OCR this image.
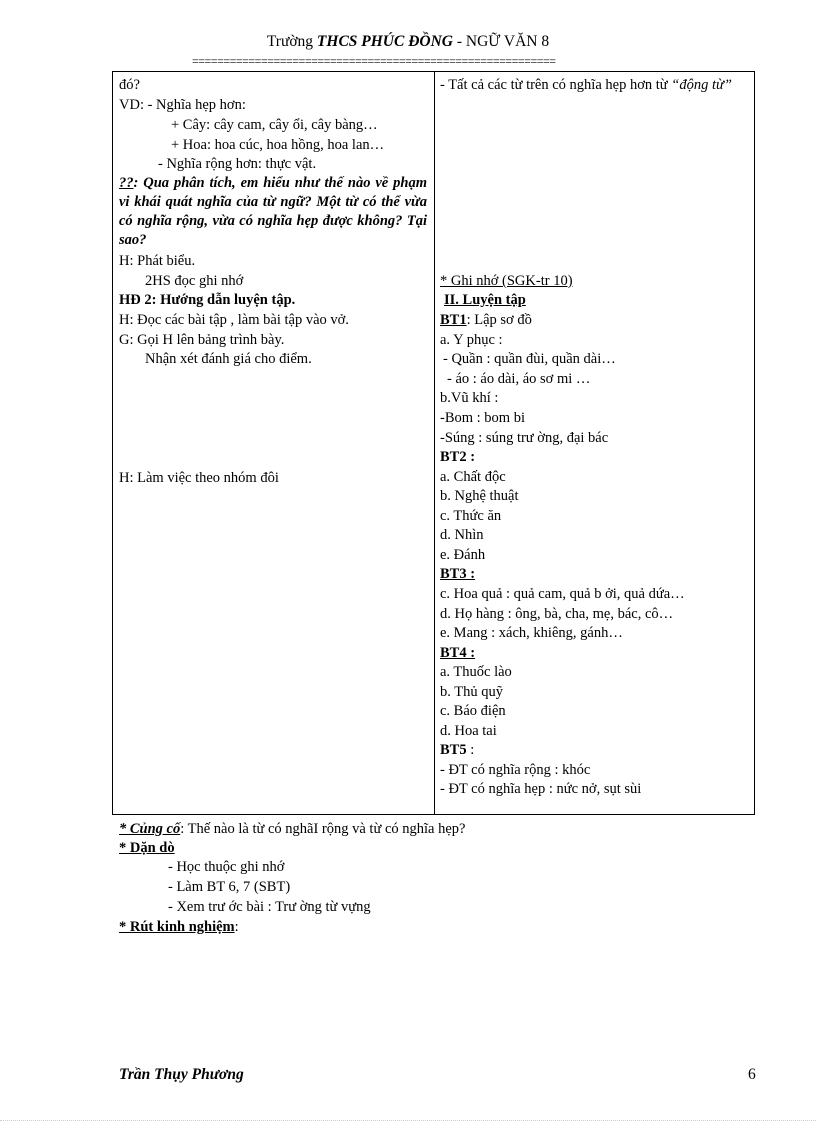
Trường THCS PHÚC ĐỒNG - NGỮ VĂN 8
==========================================================
đó?
VD: - Nghĩa hẹp hơn:
+ Cây: cây cam, cây ổi, cây bàng…
+ Hoa: hoa cúc, hoa hồng, hoa lan…
- Nghĩa rộng hơn: thực vật.
??: Qua phân tích, em hiểu như thế nào về phạm vi khái quát nghĩa của từ ngữ? Một từ có thể vừa có nghĩa rộng, vừa có nghĩa hẹp được không? Tại sao?
H: Phát biểu.
2HS đọc ghi nhớ
HĐ 2: Hướng dẫn luyện tập.
H: Đọc các bài tập , làm bài tập vào vở.
G: Gọi H lên bảng trình bày.
Nhận xét đánh giá cho điểm.
H: Làm việc theo nhóm đôi
- Tất cả các từ trên có nghĩa hẹp hơn từ “động từ”
* Ghi nhớ (SGK-tr 10)
II. Luyện tập
BT1: Lập sơ đồ
a. Y phục :
- Quần : quần đùi, quần dài…
- áo : áo dài, áo sơ mi …
b.Vũ khí :
-Bom : bom bi
-Súng : súng trư ờng, đại bác
BT2 :
a. Chất độc
b. Nghệ thuật
c. Thức ăn
d. Nhìn
e. Đánh
BT3 :
c. Hoa quả : quả cam, quả b ởi, quả dứa…
d. Họ hàng : ông, bà, cha, mẹ, bác, cô…
e. Mang : xách, khiêng, gánh…
BT4 :
a. Thuốc lào
b. Thủ quỹ
c. Báo điện
d. Hoa tai
BT5 :
- ĐT có nghĩa rộng : khóc
- ĐT có nghĩa hẹp : nức nở, sụt sùi
* Củng cố: Thế nào là từ có nghãI rộng và từ có nghĩa hẹp?
* Dặn dò
- Học thuộc ghi nhớ
- Làm BT 6, 7 (SBT)
- Xem trư ớc bài : Trư ờng từ vựng
* Rút kinh nghiệm:
Trần Thụy Phương	6
